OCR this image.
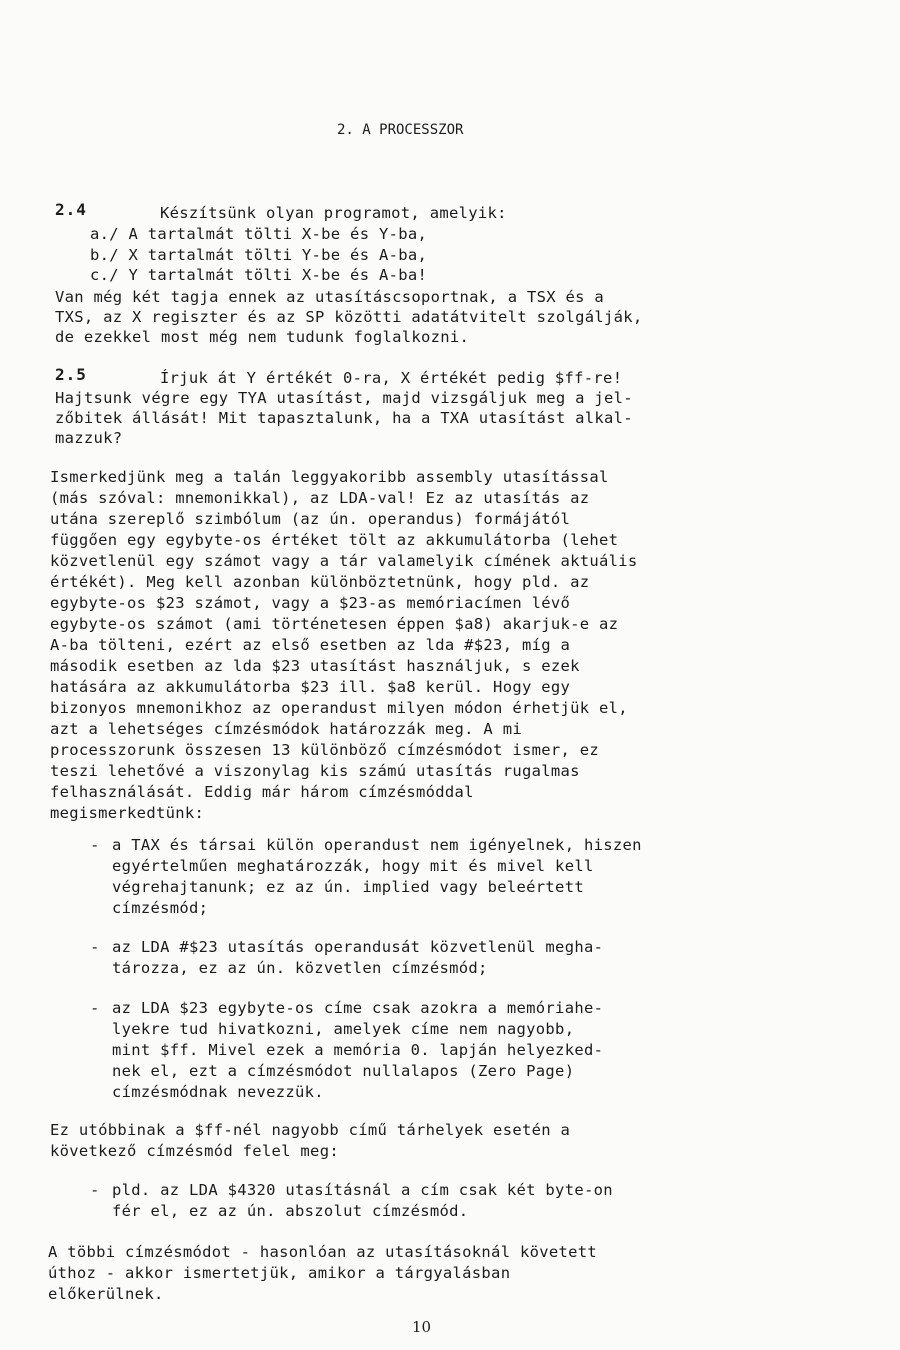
2. A PROCESSZOR
2.4	Készítsünk olyan programot, amelyik:
a./ A tartalmát tölti X-be és Y-ba,
b./ X tartalmát tölti Y-be és A-ba,
c./ Y tartalmát tölti X-be és A-ba!
Van még két tagja ennek az utasításcsoportnak, a TSX és a
TXS, az X regiszter és az SP közötti adatátvitelt szolgálják,
de ezekkel most még nem tudunk foglalkozni.
2.5	Írjuk át Y értékét 0-ra, X értékét pedig $ff-re!
Hajtsunk végre egy TYA utasítást, majd vizsgáljuk meg a jel-
zőbitek állását! Mit tapasztalunk, ha a TXA utasítást alkal-
mazzuk?
Ismerkedjünk meg a talán leggyakoribb assembly utasítással
(más szóval: mnemonikkal), az LDA-val! Ez az utasítás az
utána szereplő szimbólum (az ún. operandus) formájától
függően egy egybyte-os értéket tölt az akkumulátorba (lehet
közvetlenül egy számot vagy a tár valamelyik címének aktuális
értékét). Meg kell azonban különböztetnünk, hogy pld. az
egybyte-os $23 számot, vagy a $23-as memóriacímen lévő
egybyte-os számot (ami történetesen éppen $a8) akarjuk-e az
A-ba tölteni, ezért az első esetben az lda #$23, míg a
második esetben az lda $23 utasítást használjuk, s ezek
hatására az akkumulátorba $23 ill. $a8 kerül. Hogy egy
bizonyos mnemonikhoz az operandust milyen módon érhetjük el,
azt a lehetséges címzésmódok határozzák meg. A mi
processzorunk összesen 13 különböző címzésmódot ismer, ez
teszi lehetővé a viszonylag kis számú utasítás rugalmas
felhasználását. Eddig már három címzésmóddal
megismerkedtünk:
- a TAX és társai külön operandust nem igényelnek, hiszen
egyértelműen meghatározzák, hogy mit és mivel kell
végrehajtanunk; ez az ún. implied vagy beleértett
címzésmód;
- az LDA #$23 utasítás operandusát közvetlenül megha-
tározza, ez az ún. közvetlen címzésmód;
- az LDA $23 egybyte-os címe csak azokra a memóriahe-
lyekre tud hivatkozni, amelyek címe nem nagyobb,
mint $ff. Mivel ezek a memória 0. lapján helyezked-
nek el, ezt a címzésmódot nullalapos (Zero Page)
címzésmódnak nevezzük.
Ez utóbbinak a $ff-nél nagyobb című tárhelyek esetén a
következő címzésmód felel meg:
- pld. az LDA $4320 utasításnál a cím csak két byte-on
fér el, ez az ún. abszolut címzésmód.
A többi címzésmódot - hasonlóan az utasításoknál követett
úthoz - akkor ismertetjük, amikor a tárgyalásban
előkerülnek.
10
